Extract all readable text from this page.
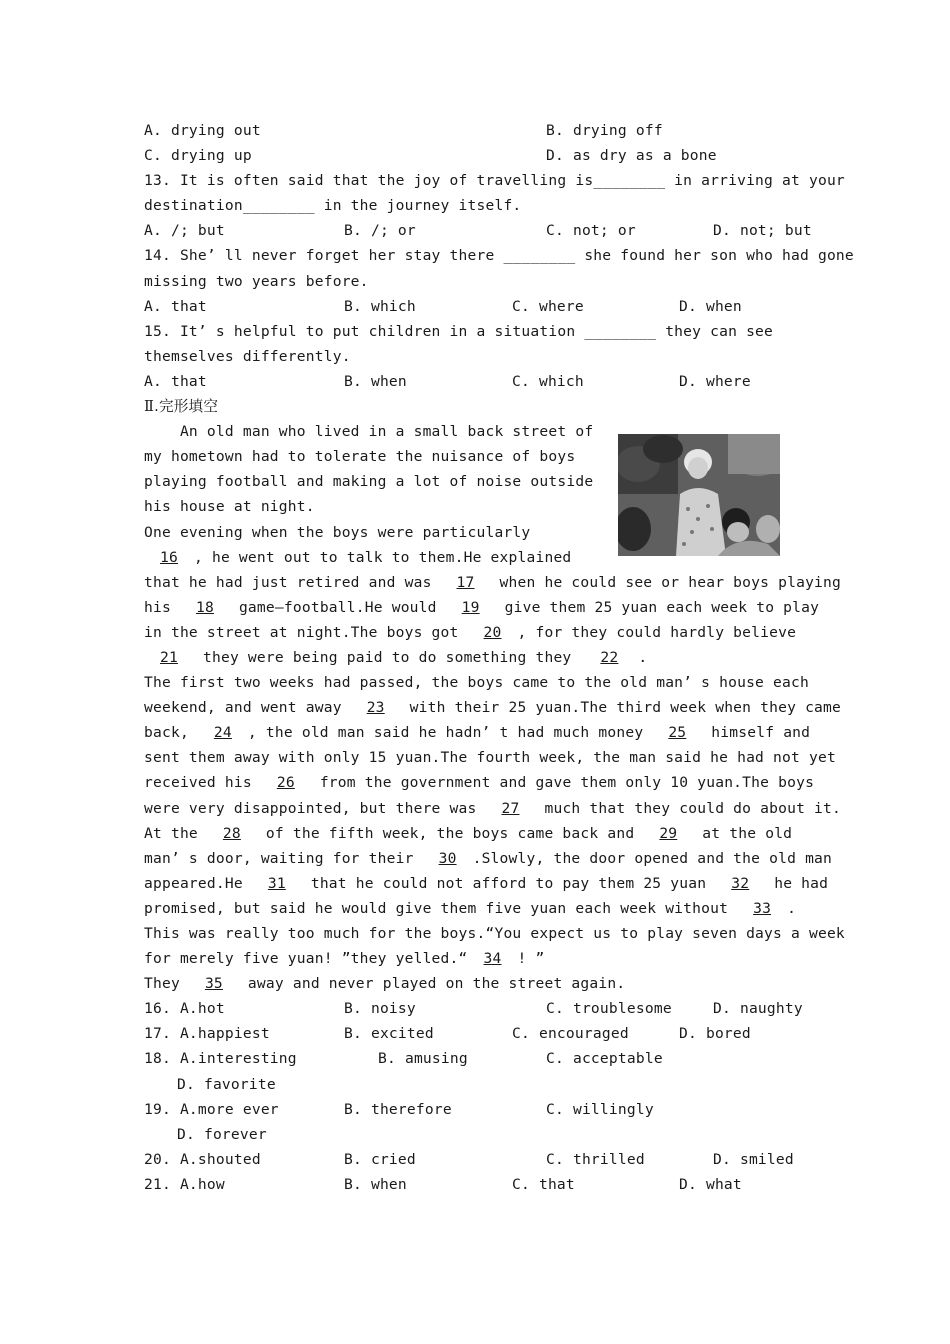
A. drying out	B. drying off
C. drying up	D. as dry as a bone
13. It is often said that the joy of travelling is________ in arriving at your
destination________ in the journey itself.
A. /; but	B. /; or	C. not; or	D. not; but
14. She’ ll never forget her stay there ________ she found her son who had gone
missing two years before.
A. that	B. which	C. where	D. when
15. It’ s helpful to put children in a situation ________ they can see
themselves differently.
A. that	B. when	C. which	D. where
Ⅱ.完形填空
An old man who lived in a small back street of
my hometown had to tolerate the nuisance of boys
playing football and making a lot of noise outside
his house at night.
One evening when the boys were particularly
16 , he went out to talk to them.He explained
that he had just retired and was 17 when he could see or hear boys playing
his 18 game—football.He would 19 give them 25 yuan each week to play
in the street at night.The boys got 20 , for they could hardly believe
21 they were being paid to do something they 22 .
The first two weeks had passed, the boys came to the old man’ s house each
weekend, and went away 23 with their 25 yuan.The third week when they came
back, 24 , the old man said he hadn’ t had much money 25 himself and
sent them away with only 15 yuan.The fourth week, the man said he had not yet
received his 26 from the government and gave them only 10 yuan.The boys
were very disappointed, but there was 27 much that they could do about it.
At the 28 of the fifth week, the boys came back and 29 at the old
man’ s door, waiting for their 30 .Slowly, the door opened and the old man
appeared.He 31 that he could not afford to pay them 25 yuan 32 he had
promised, but said he would give them five yuan each week without 33 .
This was really too much for the boys.“You expect us to play seven days a week
for merely five yuan! ”they yelled.“ 34 ! ”
They 35 away and never played on the street again.
16. A.hot	B. noisy	C. troublesome	D. naughty
17. A.happiest	B. excited	C. encouraged	D. bored
18. A.interesting	B. amusing	C. acceptable
D. favorite
19. A.more ever	B. therefore	C. willingly
D. forever
20. A.shouted	B. cried	C. thrilled	D. smiled
21. A.how	B. when	C. that	D. what
